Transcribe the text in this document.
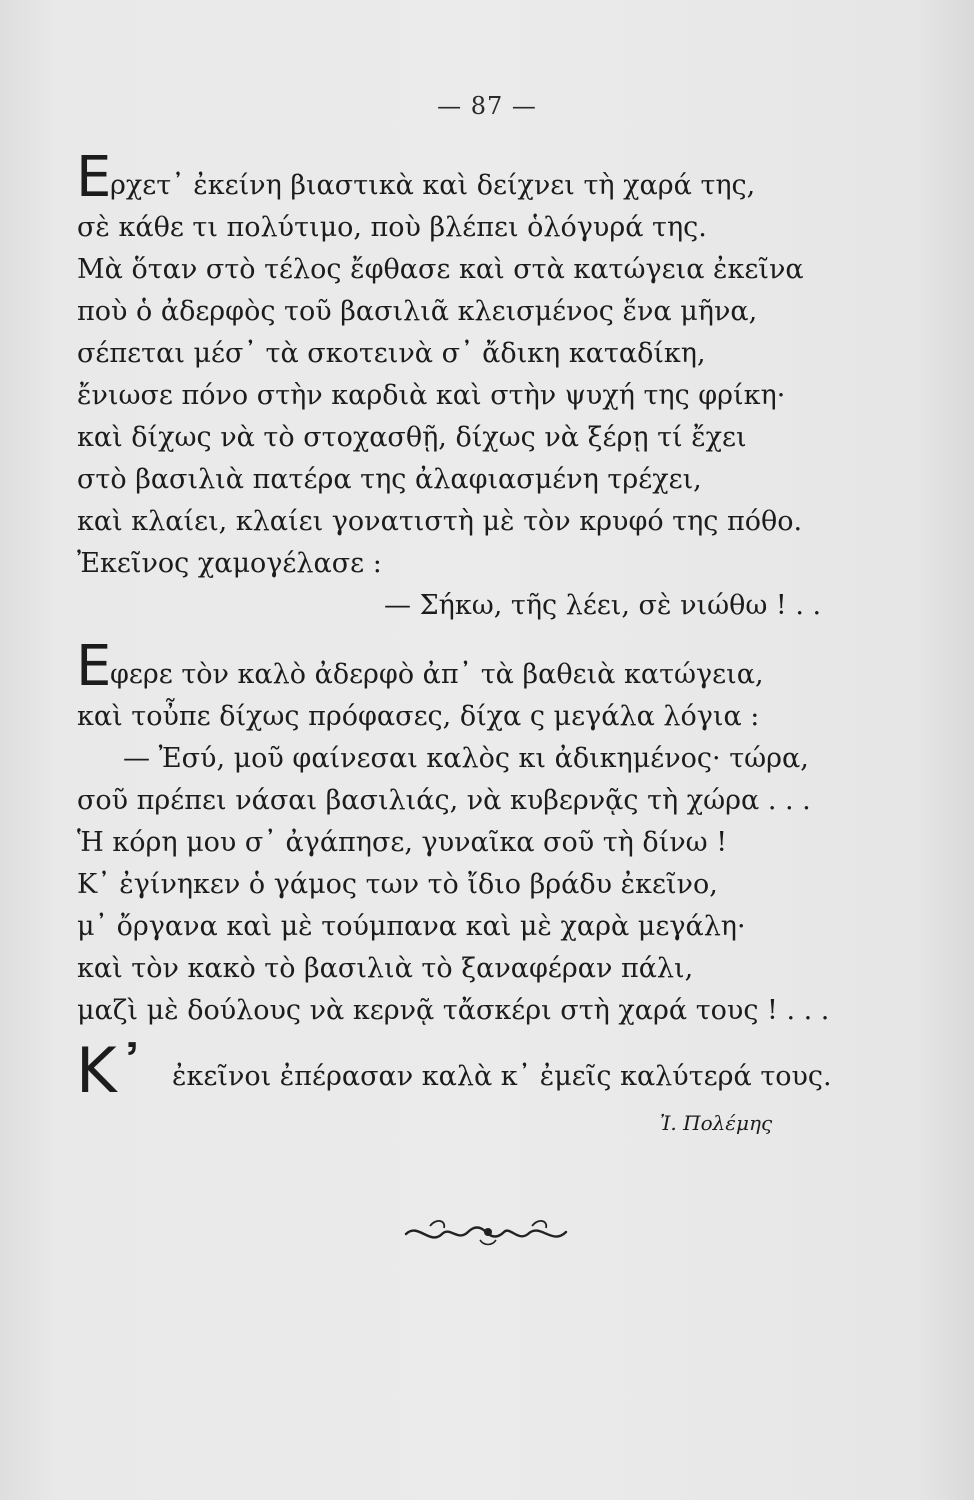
— 87 —
Ε
ρχετ᾽ ἐκείνη βιαστικὰ καὶ δείχνει τὴ χαρά της,
σὲ κάθε τι πολύτιμο, ποὺ βλέπει ὁλόγυρά της.
Μὰ ὅταν στὸ τέλος ἔφθασε καὶ στὰ κατώγεια ἐκεῖνα
ποὺ ὁ ἀδερφὸς τοῦ βασιλιᾶ κλεισμένος ἕνα μῆνα,
σέπεται μέσ᾽ τὰ σκοτεινὰ σ᾽ ἄδικη καταδίκη,
ἔνιωσε πόνο στὴν καρδιὰ καὶ στὴν ψυχή της φρίκη·
καὶ δίχως νὰ τὸ στοχασθῇ, δίχως νὰ ξέρῃ τί ἔχει
στὸ βασιλιὰ πατέρα της ἀλαφιασμένη τρέχει,
καὶ κλαίει, κλαίει γονατιστὴ μὲ τὸν κρυφό της πόθο.
Ἐκεῖνος χαμογέλασε :
— Σήκω, τῆς λέει, σὲ νιώθω ! . .
Ε
φερε τὸν καλὸ ἀδερφὸ ἀπ᾽ τὰ βαθειὰ κατώγεια,
καὶ τοὖπε δίχως πρόφασες, δίχα ς μεγάλα λόγια :
— Ἐσύ, μοῦ φαίνεσαι καλὸς κι ἀδικημένος· τώρα,
σοῦ πρέπει νάσαι βασιλιάς, νὰ κυβερνᾷς τὴ χώρα . . .
Ἡ κόρη μου σ᾽ ἀγάπησε, γυναῖκα σοῦ τὴ δίνω !
Κ᾽ ἐγίνηκεν ὁ γάμος των τὸ ἴδιο βράδυ ἐκεῖνο,
μ᾽ ὄργανα καὶ μὲ τούμπανα καὶ μὲ χαρὰ μεγάλη·
καὶ τὸν κακὸ τὸ βασιλιὰ τὸ ξαναφέραν πάλι,
μαζὶ μὲ δούλους νὰ κερνᾷ τἄσκέρι στὴ χαρά τους ! . . .
Κ᾽ ἐκεῖνοι ἐπέρασαν καλὰ κ᾽ ἐμεῖς καλύτερά τους.
Ἰ. Πολέμης
